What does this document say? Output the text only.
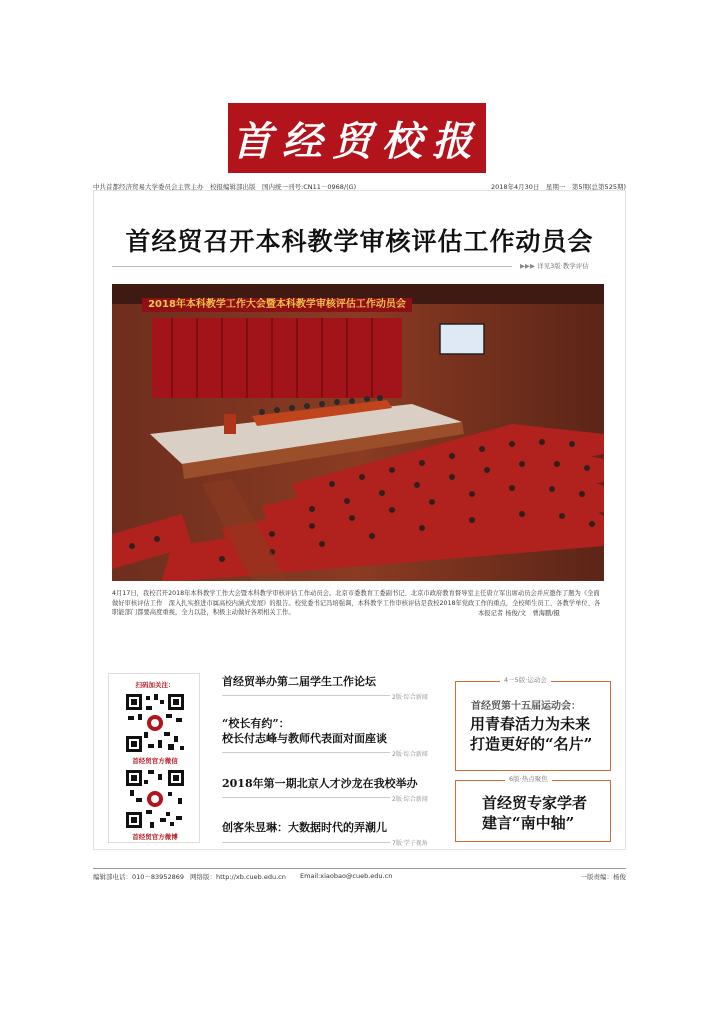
首经贸校报
中共首都经济贸易大学委员会主管主办　校报编辑部出版　国内统一刊号:CN11－0968/(G)	2018年4月30日　星期一　第5期(总第525期)
首经贸召开本科教学审核评估工作动员会
▶▶▶ 详见3版·教学评估
2018年本科教学工作大会暨本科教学审核评估工作动员会
4月17日，我校召开2018年本科教学工作大会暨本科教学审核评估工作动员会。北京市委教育工委副书记、北京市政府教育督导室主任唐立军出席动员会并应邀作了题为《全面做好审核评估工作　深入扎实推进市属高校内涵式发展》的报告。校党委书记冯培强调，本科教学工作审核评估是我校2018年党政工作的重点，全校师生员工、各教学单位、各职能部门都要高度重视，全力以赴，积极主动做好各项相关工作。	本报记者 杨俊/文　曹海鹏/摄
扫码加关注：
首经贸官方微信
首经贸官方微博
首经贸举办第二届学生工作论坛
2版·综合新闻
“校长有约”：
校长付志峰与教师代表面对面座谈
2版·综合新闻
2018年第一期北京人才沙龙在我校举办
2版·综合新闻
创客朱昱琳：大数据时代的弄潮儿
7版·学子视角
4－5版·运动会
首经贸第十五届运动会：
用青春活力为未来
打造更好的“名片”
6版·热点聚焦
首经贸专家学者
建言“南中轴”
编辑部电话：010－83952869 网络版：http://xb.cueb.edu.cn Email:xiaobao@cueb.edu.cn	一版责编：杨俊
